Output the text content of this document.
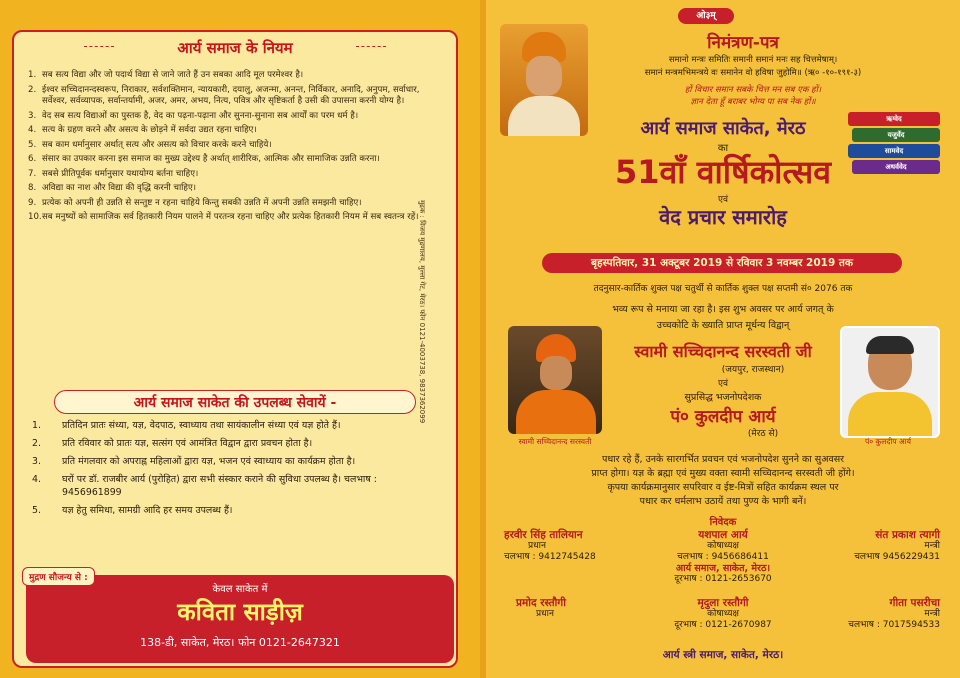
आर्य समाज के नियम
1. सब सत्य विद्या और जो पदार्थ विद्या से जाने जाते हैं उन सबका आदि मूल परमेश्वर है।
2. ईश्वर सच्चिदानन्दस्वरूप, निराकार, सर्वशक्तिमान, न्यायकारी, दयालु, अजन्मा, अनन्त, निर्विकार, अनादि, अनुपम, सर्वाधार, सर्वेश्वर, सर्वव्यापक, सर्वान्तर्यामी, अजर, अमर, अभय, नित्य, पवित्र और सृष्टिकर्ता है उसी की उपासना करनी योग्य है।
3. वेद सब सत्य विद्याओं का पुस्तक है, वेद का पढ़ना-पढ़ाना और सुनना-सुनाना सब आर्यों का परम धर्म है।
4. सत्य के ग्रहण करने और असत्य के छोड़ने में सर्वदा उद्यत रहना चाहिए।
5. सब काम धर्मानुसार अर्थात् सत्य और असत्य को विचार करके करने चाहिये।
6. संसार का उपकार करना इस समाज का मुख्य उद्देश्य है अर्थात् शारीरिक, आत्मिक और सामाजिक उन्नति करना।
7. सबसे प्रीतिपूर्वक धर्मानुसार यथायोग्य बर्तना चाहिए।
8. अविद्या का नाश और विद्या की वृद्धि करनी चाहिए।
9. प्रत्येक को अपनी ही उन्नति से सन्तुष्ट न रहना चाहिये किन्तु सबकी उन्नति में अपनी उन्नति समझनी चाहिए।
10. सब मनुष्यों को सामाजिक सर्व हितकारी नियम पालने में परतन्त्र रहना चाहिए और प्रत्येक हितकारी नियम में सब स्वतन्त्र रहें।
आर्य समाज साकेत की उपलब्ध सेवायें -
1.	प्रतिदिन प्रातः संध्या, यज्ञ, वेदपाठ, स्वाध्याय तथा सायंकालीन संध्या एवं यज्ञ होते हैं।
2.	प्रति रविवार को प्रातः यज्ञ, सत्संग एवं आमंत्रित विद्वान द्वारा प्रवचन होता है।
3.	प्रति मंगलवार को अपराह्न महिलाओं द्वारा यज्ञ, भजन एवं स्वाध्याय का कार्यक्रम होता है।
4.	घरों पर डॉ. राजबीर आर्य (पुरोहित) द्वारा सभी संस्कार कराने की सुविधा उपलब्ध है। चलभाष : 9456961899
5.	यज्ञ हेतु समिधा, सामग्री आदि हर समय उपलब्ध हैं।
मुद्रक : विजय मुद्रणालय, मुल्ला गेट, मेरठ। फोन 0121-4003738, 9837362099
मुद्रण सौजन्य से :
केवल साकेत में
कविता साड़ीज़
138-डी, साकेत, मेरठ। फोन 0121-2647321
ओ३म्
निमंत्रण-पत्र
समानो मन्त्रः समितिः समानी समानं मनः सह चित्तमेषाम्।
समानं मन्त्रमभिमन्त्रये वः समानेन वो हविषा जुहोमि॥ (ऋ० -१०-१९१-३)
हों विचार समान सबके चित्त मन सब एक हों।
ज्ञान देता हूँ बराबर भोग्य पा सब नेक हों॥
ऋग्वेद
यजुर्वेद
सामवेद
अथर्ववेद
आर्य समाज साकेत, मेरठ
का
51वाँ वार्षिकोत्सव
एवं
वेद प्रचार समारोह
बृहस्पतिवार, 31 अक्टूबर 2019 से रविवार 3 नवम्बर 2019 तक
तदनुसार-कार्तिक शुक्ल पक्ष चतुर्थी से कार्तिक शुक्ल पक्ष सप्तमी सं० 2076 तक
भव्य रूप से मनाया जा रहा है। इस शुभ अवसर पर आर्य जगत् के
उच्चकोटि के ख्याति प्राप्त मूर्धन्य विद्वान्
स्वामी सच्चिदानन्द सरस्वती	पं० कुलदीप आर्य
स्वामी सच्चिदानन्द सरस्वती जी
(जयपुर, राजस्थान)
एवं
सुप्रसिद्ध भजनोपदेशक
पं० कुलदीप आर्य
(मेरठ से)
पधार रहे हैं, उनके सारगर्भित प्रवचन एवं भजनोपदेश सुनने का सुअवसर
प्राप्त होगा। यज्ञ के ब्रह्मा एवं मुख्य वक्ता स्वामी सच्चिदानन्द सरस्वती जी होंगे।
कृपया कार्यक्रमानुसार सपरिवार व ईष्ट-मित्रों सहित कार्यक्रम स्थल पर
पधार कर धर्मलाभ उठायें तथा पुण्य के भागी बनें।
निवेदक
हरवीर सिंह तालियान
प्रधान
चलभाष : 9412745428
यशपाल आर्य
कोषाध्यक्ष
चलभाष : 9456686411
आर्य समाज, साकेत, मेरठ।
दूरभाष : 0121-2653670
संत प्रकाश त्यागी
मन्त्री
चलभाष 9456229431
प्रमोद रस्तौगी
प्रधान
मृदुला रस्तौगी
कोषाध्यक्ष
दूरभाष : 0121-2670987
गीता पसरीचा
मन्त्री
चलभाष : 7017594533
आर्य स्त्री समाज, साकेत, मेरठ।
